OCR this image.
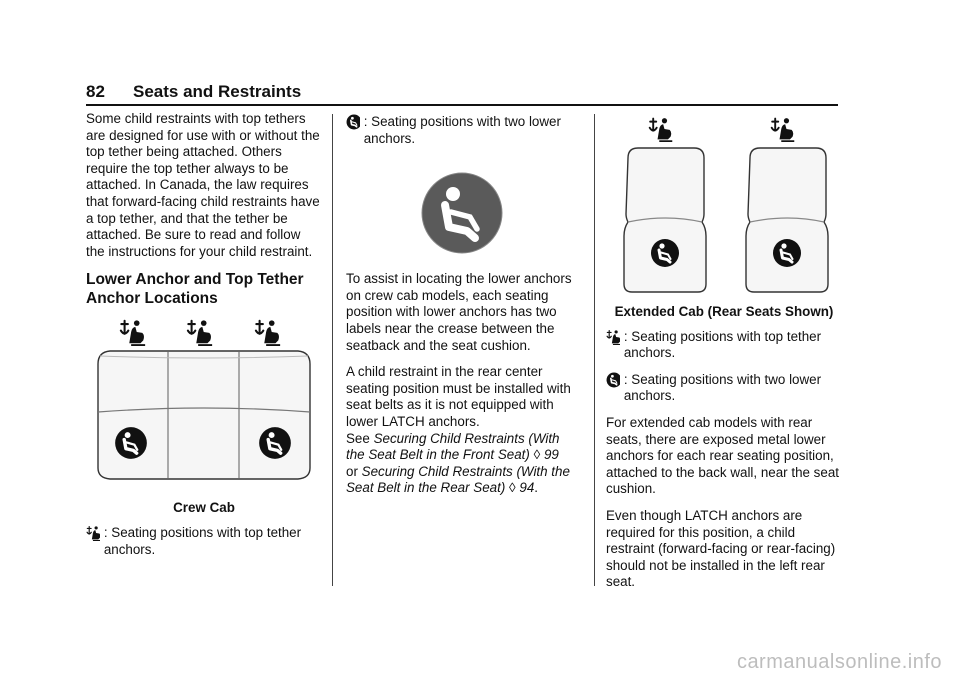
82 Seats and Restraints

Some child restraints with top tethers are designed for use with or without the top tether being attached. Others require the top tether always to be attached. In Canada, the law requires that forward-facing child restraints have a top tether, and that the tether be attached. Be sure to read and follow the instructions for your child restraint.

Lower Anchor and Top Tether Anchor Locations
Crew Cab

: Seating positions with top tether anchors.

: Seating positions with two lower anchors.

To assist in locating the lower anchors on crew cab models, each seating position with lower anchors has two labels near the crease between the seatback and the seat cushion.

A child restraint in the rear center seating position must be installed with seat belts as it is not equipped with lower LATCH anchors.
See Securing Child Restraints (With the Seat Belt in the Front Seat) ◊ 99
or Securing Child Restraints (With the Seat Belt in the Rear Seat) ◊ 94.

Extended Cab (Rear Seats Shown)

: Seating positions with top tether anchors.

: Seating positions with two lower anchors.

For extended cab models with rear seats, there are exposed metal lower anchors for each rear seating position, attached to the back wall, near the seat cushion.

Even though LATCH anchors are required for this position, a child restraint (forward-facing or rear-facing) should not be installed in the left rear seat.

carmanualsonline.info
